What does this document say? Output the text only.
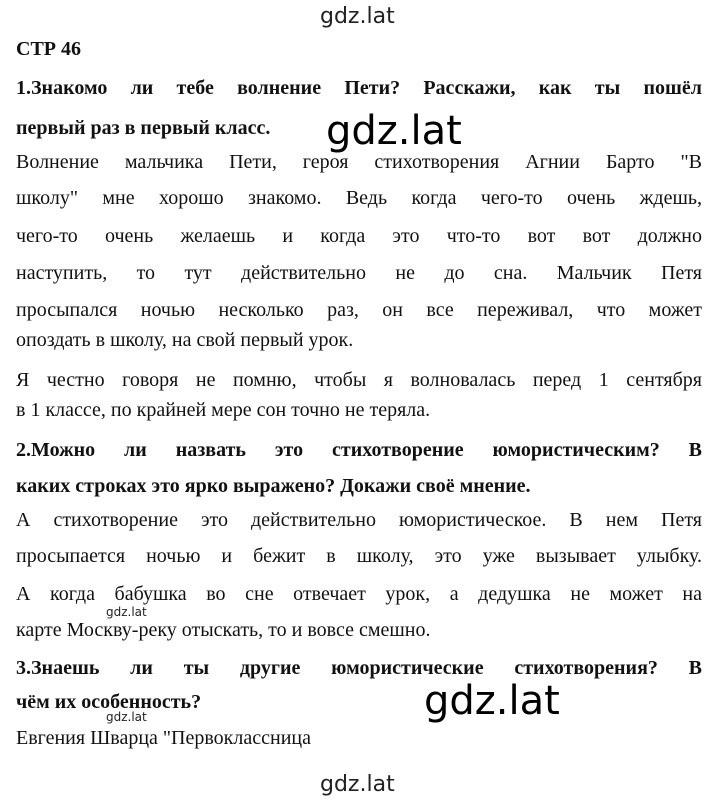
gdz.lat
gdz.lat
gdz.lat
gdz.lat	gdz.lat
gdz.lat
СТР 46
1.Знакомо ли тебе волнение Пети? Расскажи, как ты пошёл
первый раз в первый класс.
Волнение мальчика Пети, героя стихотворения Агнии Барто "В
школу" мне хорошо знакомо. Ведь когда чего-то очень ждешь,
чего-то очень желаешь и когда это что-то вот вот должно
наступить, то тут действительно не до сна. Мальчик Петя
просыпался ночью несколько раз, он все переживал, что может
опоздать в школу, на свой первый урок.
Я честно говоря не помню, чтобы я волновалась перед 1 сентября
в 1 классе, по крайней мере сон точно не теряла.
2.Можно ли назвать это стихотворение юмористическим? В
каких строках это ярко выражено? Докажи своё мнение.
А стихотворение это действительно юмористическое. В нем Петя
просыпается ночью и бежит в школу, это уже вызывает улыбку.
А когда бабушка во сне отвечает урок, а дедушка не может на
карте Москву-реку отыскать, то и вовсе смешно.
3.Знаешь ли ты другие юмористические стихотворения? В
чём их особенность?
Евгения Шварца "Первоклассница
